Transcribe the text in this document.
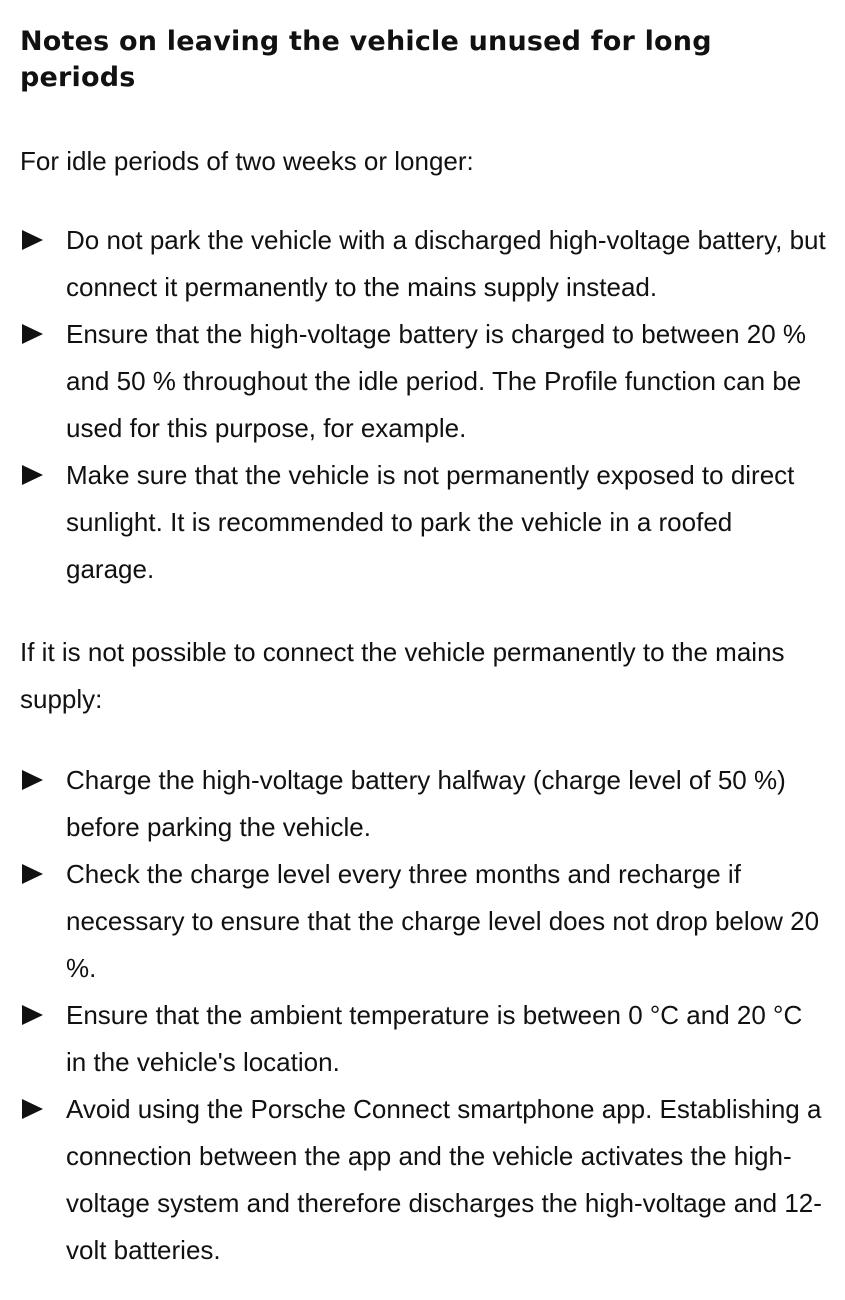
Notes on leaving the vehicle unused for long periods

For idle periods of two weeks or longer:

Do not park the vehicle with a discharged high-voltage battery, but connect it permanently to the mains supply instead.
Ensure that the high-voltage battery is charged to between 20 % and 50 % throughout the idle period. The Profile function can be used for this purpose, for example.
Make sure that the vehicle is not permanently exposed to direct sunlight. It is recommended to park the vehicle in a roofed garage.

If it is not possible to connect the vehicle permanently to the mains supply:

Charge the high-voltage battery halfway (charge level of 50 %) before parking the vehicle.
Check the charge level every three months and recharge if necessary to ensure that the charge level does not drop below 20 %.
Ensure that the ambient temperature is between 0 °C and 20 °C in the vehicle's location.
Avoid using the Porsche Connect smartphone app. Establishing a connection between the app and the vehicle activates the high-voltage system and therefore discharges the high-voltage and 12-volt batteries.
